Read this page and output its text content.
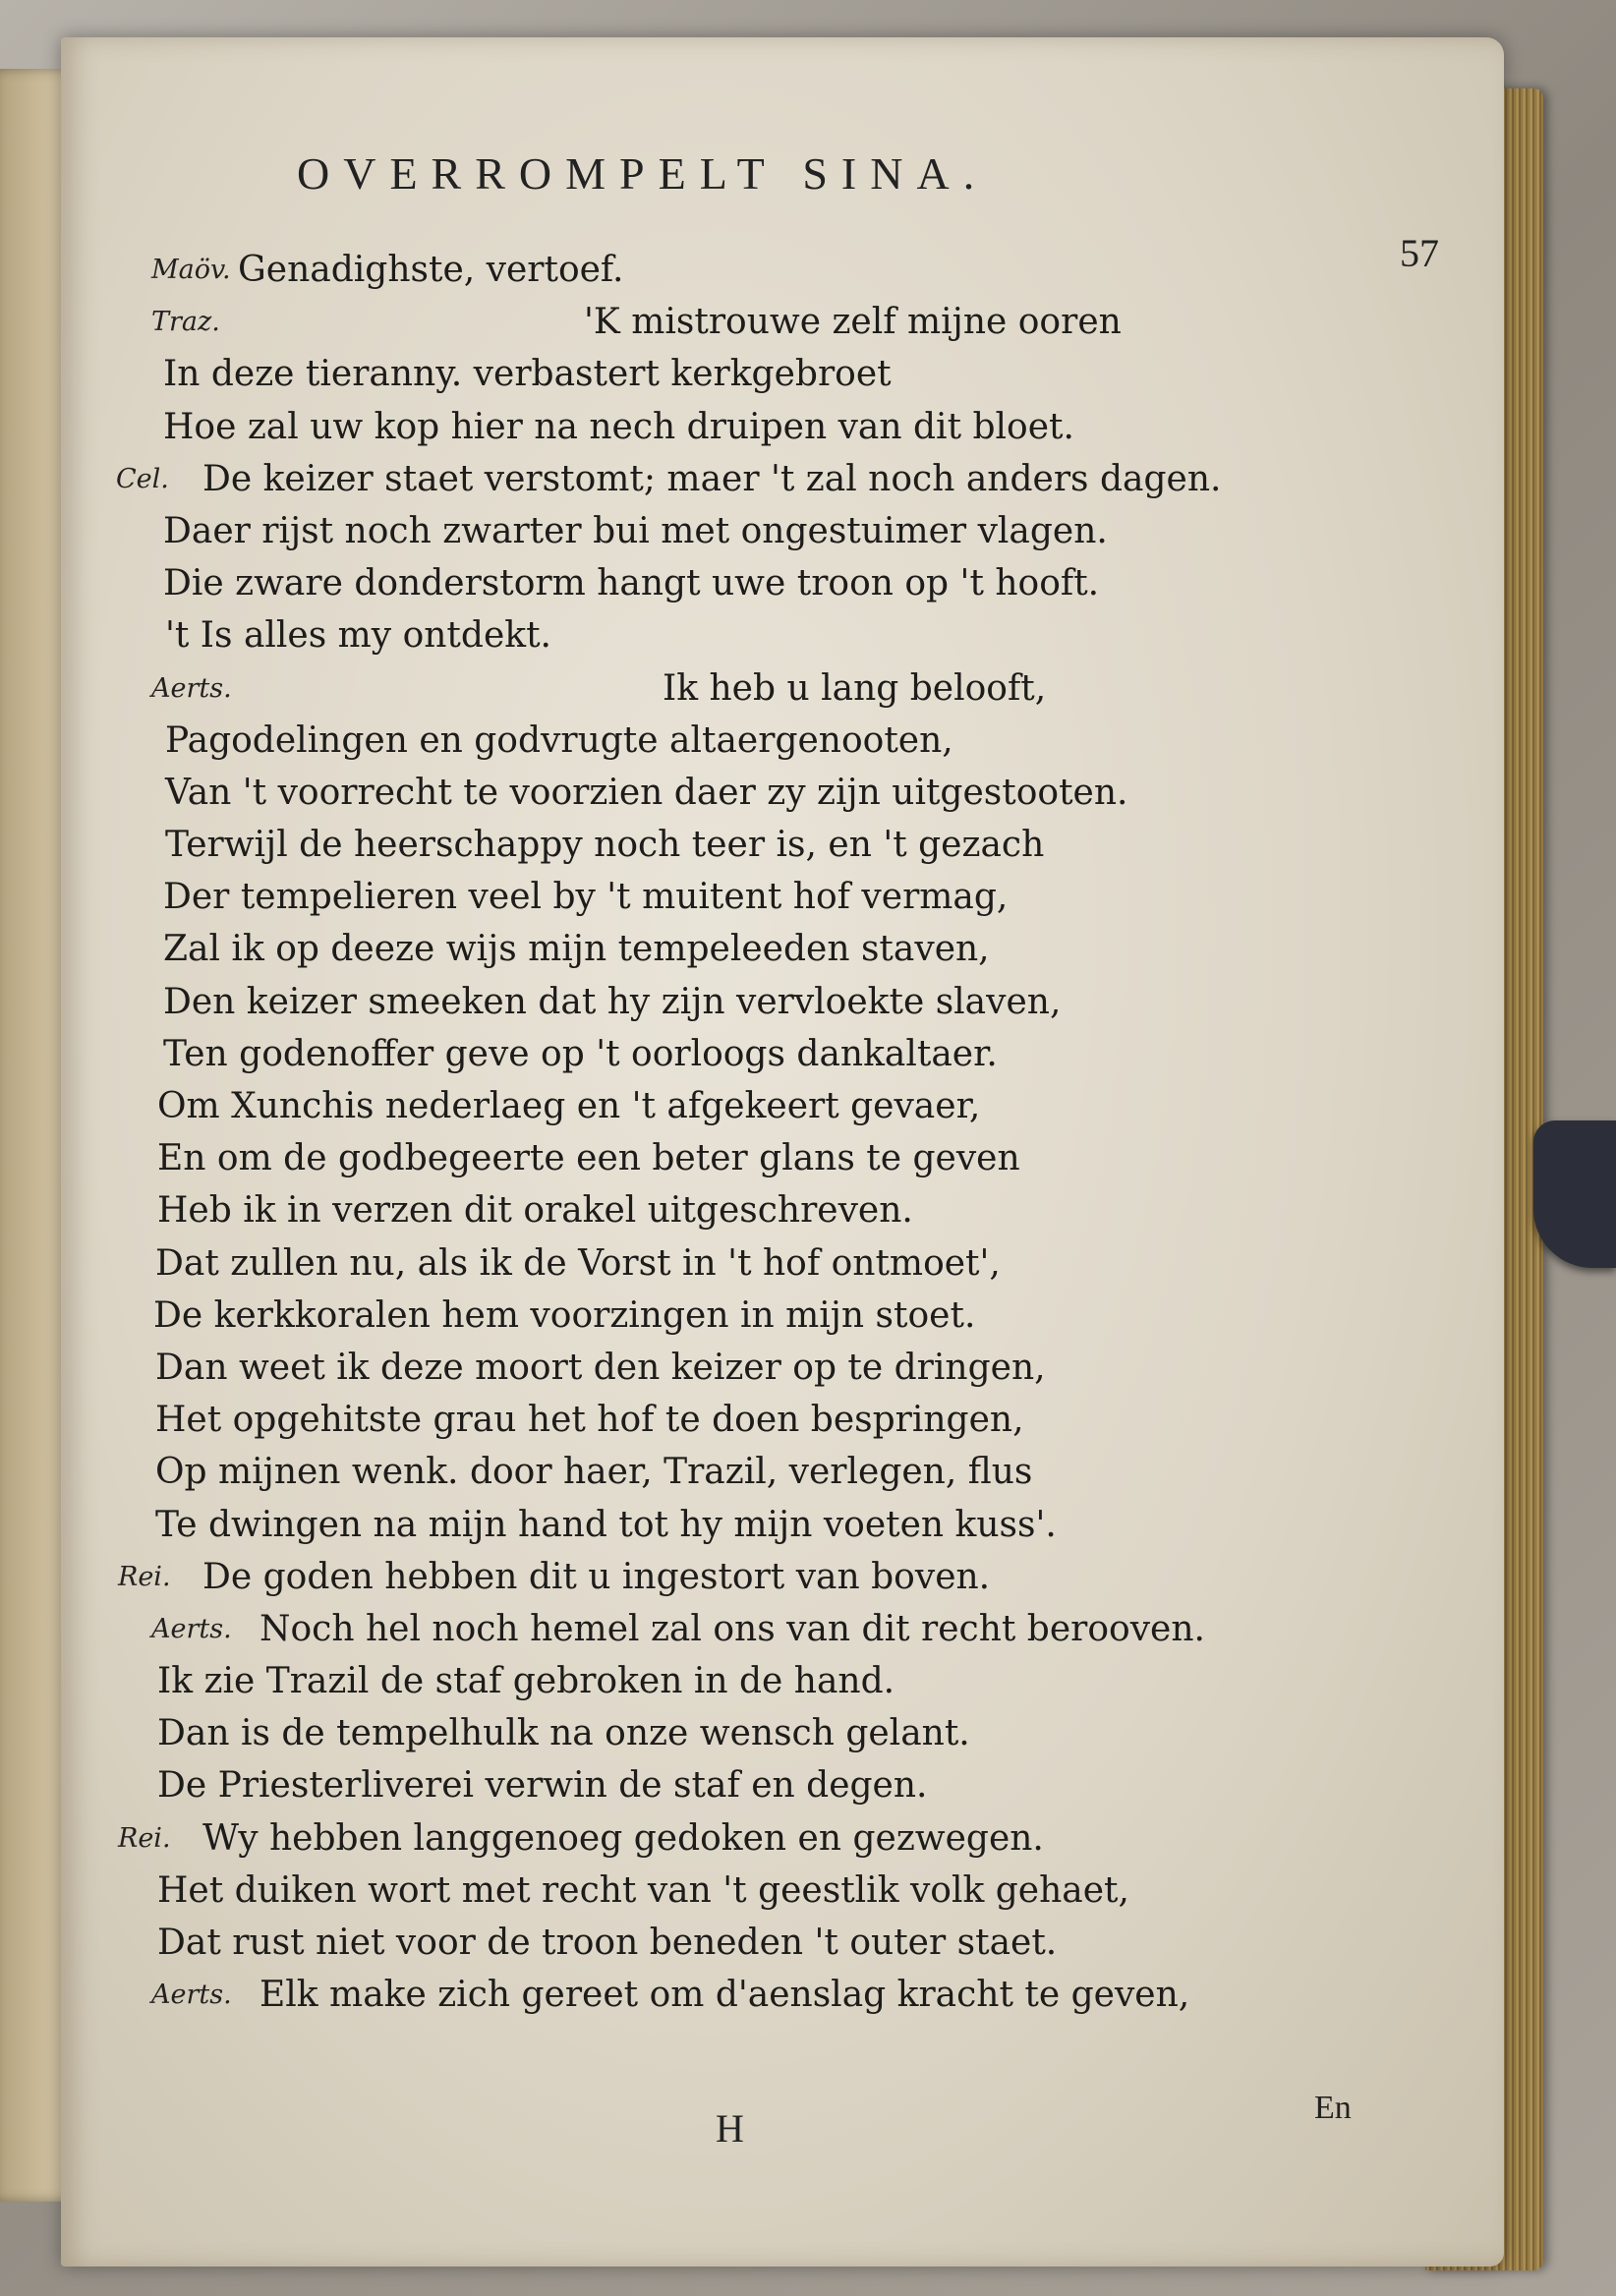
OVERROMPELT SINA.
57
Maöv. Genadighste, vertoef.
Traz.	'K mistrouwe zelf mijne ooren
In deze tieranny. verbastert kerkgebroet
Hoe zal uw kop hier na nech druipen van dit bloet.
Cel. De keizer staet verstomt; maer 't zal noch anders dagen.
Daer rijst noch zwarter bui met ongestuimer vlagen.
Die zware donderstorm hangt uwe troon op 't hooft.
't Is alles my ontdekt.
Aerts.	Ik heb u lang belooft,
Pagodelingen en godvrugte altaergenooten,
Van 't voorrecht te voorzien daer zy zijn uitgestooten.
Terwijl de heerschappy noch teer is, en 't gezach
Der tempelieren veel by 't muitent hof vermag,
Zal ik op deeze wijs mijn tempeleeden staven,
Den keizer smeeken dat hy zijn vervloekte slaven,
Ten godenoffer geve op 't oorloogs dankaltaer.
Om Xunchis nederlaeg en 't afgekeert gevaer,
En om de godbegeerte een beter glans te geven
Heb ik in verzen dit orakel uitgeschreven.
Dat zullen nu, als ik de Vorst in 't hof ontmoet',
De kerkkoralen hem voorzingen in mijn stoet.
Dan weet ik deze moort den keizer op te dringen,
Het opgehitste grau het hof te doen bespringen,
Op mijnen wenk. door haer, Trazil, verlegen, flus
Te dwingen na mijn hand tot hy mijn voeten kuss'.
Rei. De goden hebben dit u ingestort van boven.
Aerts. Noch hel noch hemel zal ons van dit recht berooven.
Ik zie Trazil de staf gebroken in de hand.
Dan is de tempelhulk na onze wensch gelant.
De Priesterliverei verwin de staf en degen.
Rei. Wy hebben langgenoeg gedoken en gezwegen.
Het duiken wort met recht van 't geestlik volk gehaet,
Dat rust niet voor de troon beneden 't outer staet.
Aerts. Elk make zich gereet om d'aenslag kracht te geven,
H	En
